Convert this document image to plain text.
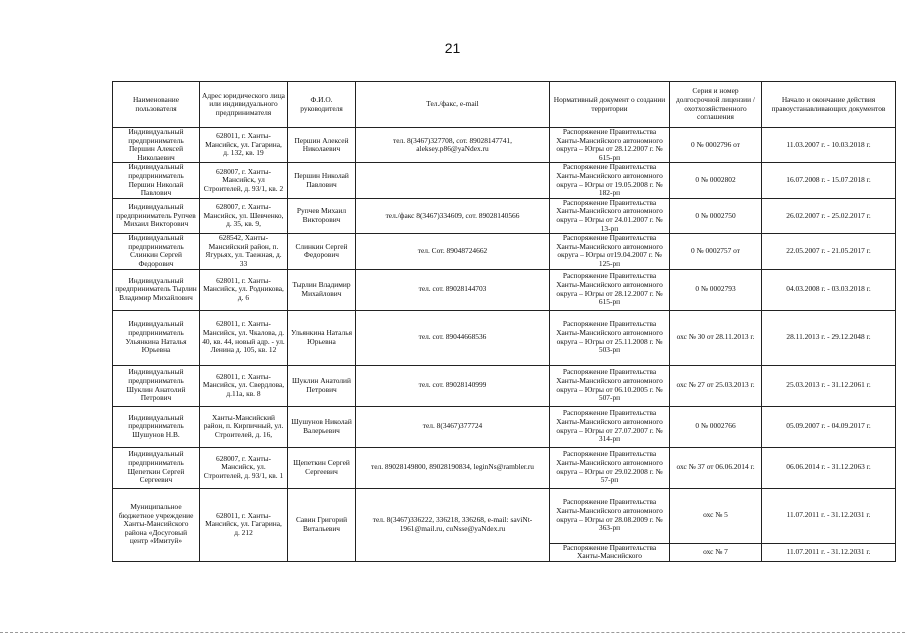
21
Наименование пользователя	Адрес юридического лица или индивидуального предпринимателя	Ф.И.О. руководителя	Тел./факс, e-mail	Нормативный документ о создании территории	Серия и номер долгосрочной лицензии /охотхозяйственного соглашения	Начало и окончание действия правоустанавливающих документов
Индивидуальный предприниматель Першин Алексей Николаевич	628011, г. Ханты-Мансийск, ул. Гагарина, д. 132, кв. 19	Першин Алексей Николаевич	тел. 8(3467)327708, сот. 89028147741, aleksey.p86@yaNdex.ru	Распоряжение Правительства Ханты-Мансийского автономного округа – Югры от 28.12.2007 г. № 615-рп	0 № 0002796 от	11.03.2007 г. - 10.03.2018 г.
Индивидуальный предприниматель Першин Николай Павлович	628007, г. Ханты-Мансийск, ул Строителей, д. 93/1, кв. 2	Першин Николай Павлович		Распоряжение Правительства Ханты-Мансийского автономного округа – Югры от 19.05.2008 г. № 182-рп	0 № 0002802	16.07.2008 г. - 15.07.2018 г.
Индивидуальный предприниматель Рупчев Михаил Викторович	628007, г. Ханты-Мансийск, ул. Шевченко, д. 35, кв. 9,	Рупчев Михаил Викторович	тел./факс 8(3467)334609, сот. 89028140566	Распоряжение Правительства Ханты-Мансийского автономного округа – Югры от 24.01.2007 г. № 13-рп	0 № 0002750	26.02.2007 г. - 25.02.2017 г.
Индивидуальный предприниматель Слинкин Сергей Федорович	628542, Ханты-Мансийский район, п. Ягурьях, ул. Таежная, д. 33	Слинкин Сергей Федорович	тел. Сот. 89048724662	Распоряжение Правительства Ханты-Мансийского автономного округа – Югры от19.04.2007 г. № 125-рп	0 № 0002757 от	22.05.2007 г. - 21.05.2017 г.
Индивидуальный предприниматель Тырлин Владимир Михайлович	628011, г. Ханты-Мансийск, ул. Родникова, д. 6	Тырлин Владимир Михайлович	тел. сот. 89028144703	Распоряжение Правительства Ханты-Мансийского автономного округа – Югры от 28.12.2007 г. № 615-рп	0 № 0002793	04.03.2008 г. - 03.03.2018 г.
Индивидуальный предприниматель Ульянкина Наталья Юрьевна	628011, г. Ханты-Мансийск, ул. Чкалова, д. 40, кв. 44, новый адр. - ул. Ленина д. 105, кв. 12	Ульянкина Наталья Юрьевна	тел. сот. 89044668536	Распоряжение Правительства Ханты-Мансийского автономного округа – Югры от 25.11.2008 г. № 503-рп	охс № 30 от 28.11.2013 г.	28.11.2013 г. - 29.12.2048 г.
Индивидуальный предприниматель Шуклин Анатолий Петрович	628011, г. Ханты-Мансийск, ул. Свердлова, д.11а, кв. 8	Шуклин Анатолий Петрович	тел. сот. 89028140999	Распоряжение Правительства Ханты-Мансийского автономного округа – Югры от 06.10.2005 г. № 507-рп	охс № 27 от 25.03.2013 г.	25.03.2013 г. - 31.12.2061 г.
Индивидуальный предприниматель Шушунов Н.В.	Ханты-Мансийский район, п. Кирпичный, ул. Строителей, д. 16,	Шушунов Николай Валерьевич	тел. 8(3467)377724	Распоряжение Правительства Ханты-Мансийского автономного округа – Югры от 27.07.2007 г. № 314-рп	0 № 0002766	05.09.2007 г. - 04.09.2017 г.
Индивидуальный предприниматель Щепеткин Сергей Сергеевич	628007, г. Ханты-Мансийск, ул. Строителей, д. 93/1, кв. 1	Щепеткин Сергей Сергеевич	тел. 89028149800, 89028190834, leginNs@rambler.ru	Распоряжение Правительства Ханты-Мансийского автономного округа – Югры от 29.02.2008 г. № 57-рп	охс № 37 от 06.06.2014 г.	06.06.2014 г. - 31.12.2063 г.
Муниципальное бюджетное учреждение Ханты-Мансийского района «Досуговый центр «Имитуй»	628011, г. Ханты-Мансийск, ул. Гагарина, д. 212	Савин Григорий Витальевич	тел. 8(3467)336222, 336218, 336268, e-mail: saviNt-1961@mail.ru, cuNsse@yaNdex.ru	Распоряжение Правительства Ханты-Мансийского автономного округа – Югры от 28.08.2009 г. № 363-рп	охс № 5	11.07.2011 г. - 31.12.2031 г.
				Распоряжение Правительства Ханты-Мансийского	охс № 7	11.07.2011 г. - 31.12.2031 г.
